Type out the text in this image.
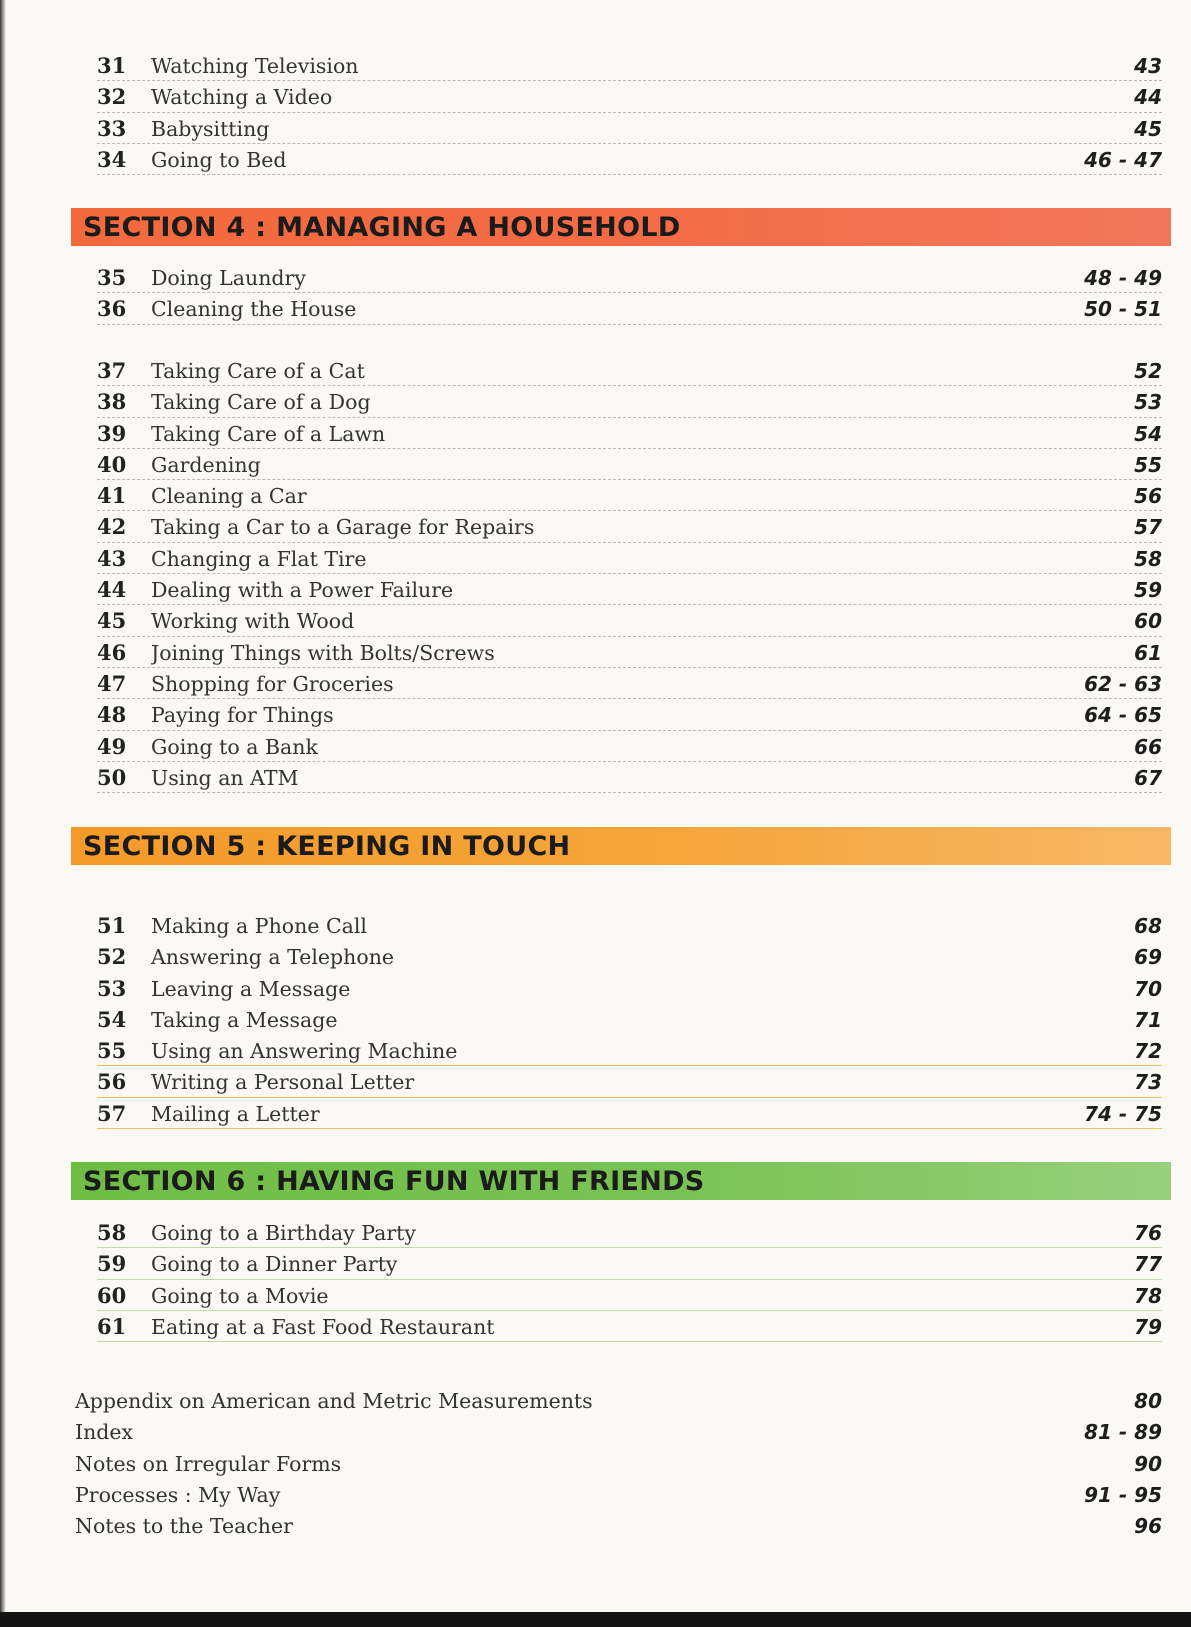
31	Watching Television	43
32	Watching a Video	44
33	Babysitting	45
34	Going to Bed	46 - 47
SECTION 4 : MANAGING A HOUSEHOLD
35	Doing Laundry	48 - 49
36	Cleaning the House	50 - 51
37	Taking Care of a Cat	52
38	Taking Care of a Dog	53
39	Taking Care of a Lawn	54
40	Gardening	55
41	Cleaning a Car	56
42	Taking a Car to a Garage for Repairs	57
43	Changing a Flat Tire	58
44	Dealing with a Power Failure	59
45	Working with Wood	60
46	Joining Things with Bolts/Screws	61
47	Shopping for Groceries	62 - 63
48	Paying for Things	64 - 65
49	Going to a Bank	66
50	Using an ATM	67
SECTION 5 : KEEPING IN TOUCH
51	Making a Phone Call	68
52	Answering a Telephone	69
53	Leaving a Message	70
54	Taking a Message	71
55	Using an Answering Machine	72
56	Writing a Personal Letter	73
57	Mailing a Letter	74 - 75
SECTION 6 : HAVING FUN WITH FRIENDS
58	Going to a Birthday Party	76
59	Going to a Dinner Party	77
60	Going to a Movie	78
61	Eating at a Fast Food Restaurant	79
Appendix on American and Metric Measurements	80
Index	81 - 89
Notes on Irregular Forms	90
Processes : My Way	91 - 95
Notes to the Teacher	96
